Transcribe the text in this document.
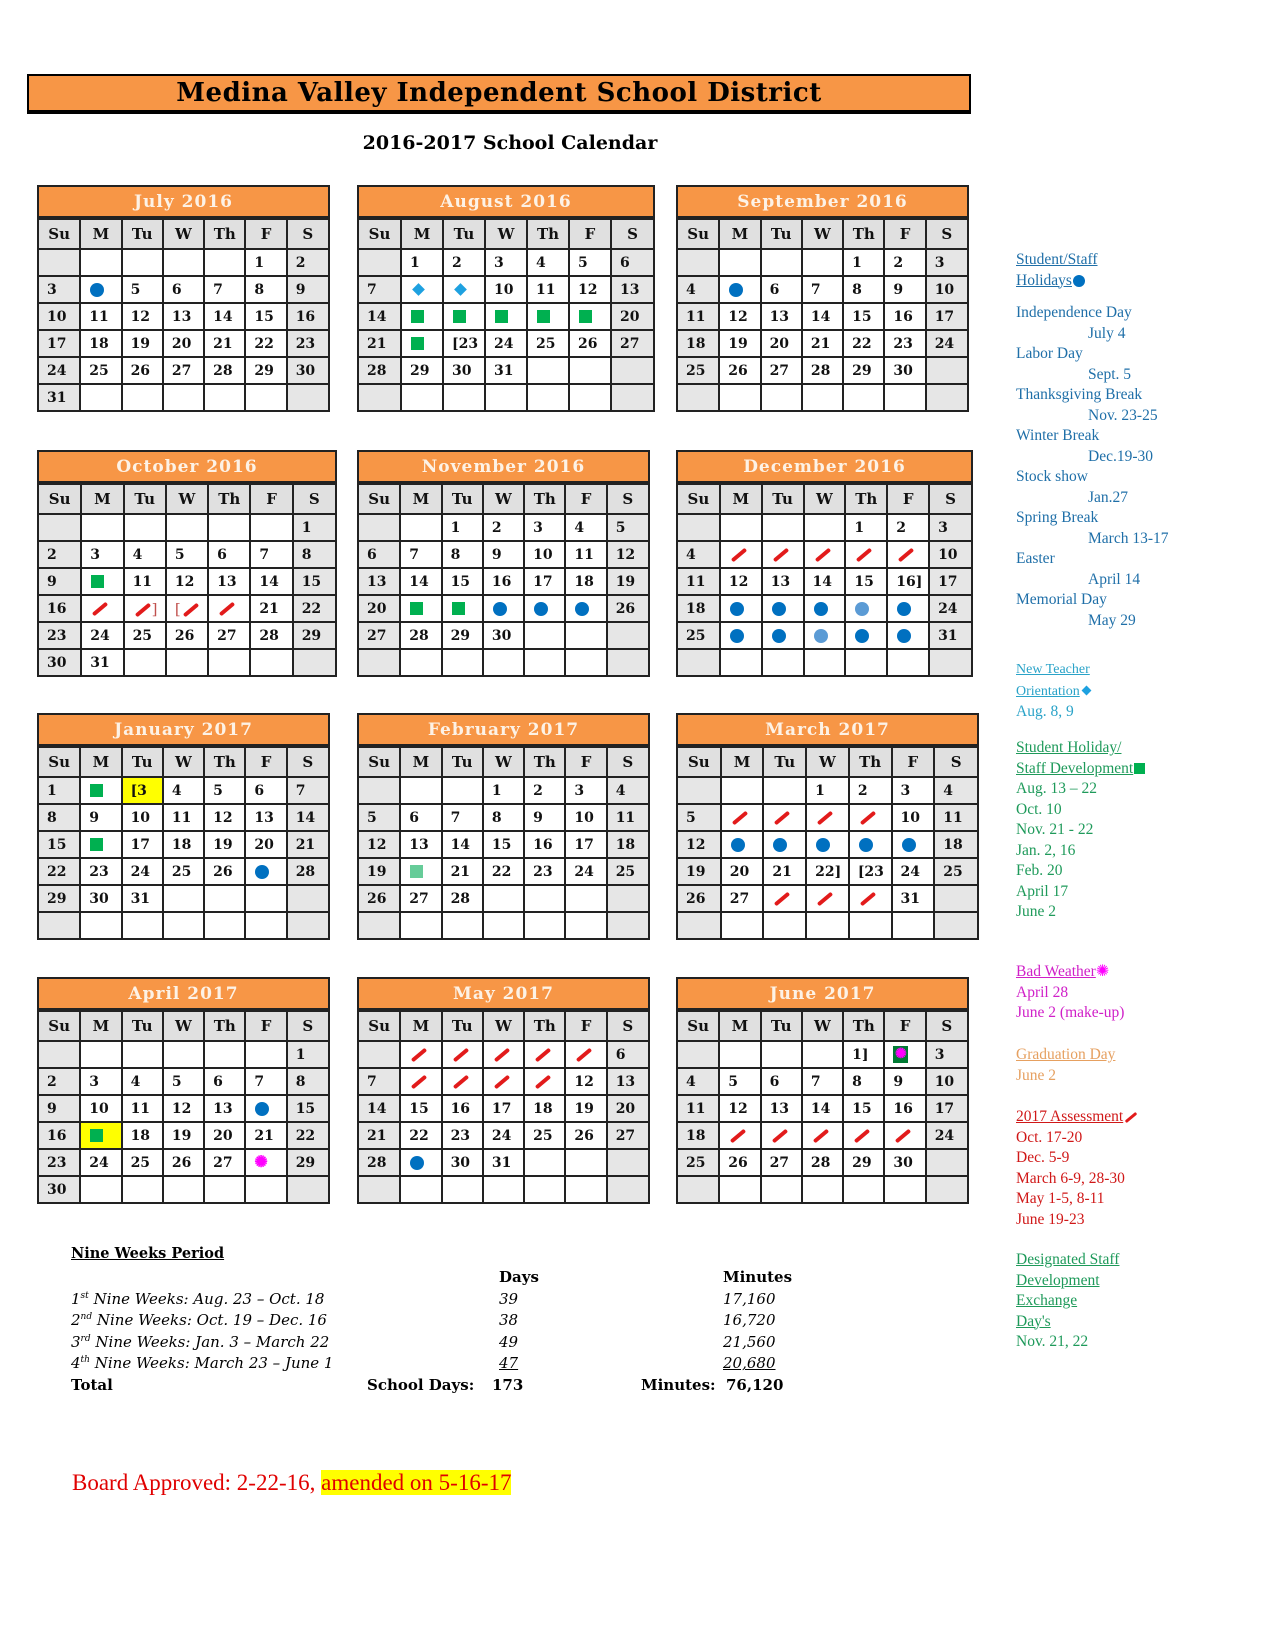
Medina Valley Independent School District
2016-2017 School Calendar
July 2016
Su	M	Tu	W	Th	F	S
					1	2
3		5	6	7	8	9
10	11	12	13	14	15	16
17	18	19	20	21	22	23
24	25	26	27	28	29	30
31						
August 2016
Su	M	Tu	W	Th	F	S
	1	2	3	4	5	6
7			10	11	12	13
14						20
21		[23	24	25	26	27
28	29	30	31			

September 2016
Su	M	Tu	W	Th	F	S
				1	2	3
4		6	7	8	9	10
11	12	13	14	15	16	17
18	19	20	21	22	23	24
25	26	27	28	29	30	

October 2016
Su	M	Tu	W	Th	F	S
						1
2	3	4	5	6	7	8
9		11	12	13	14	15
16		]	[		21	22
23	24	25	26	27	28	29
30	31					
November 2016
Su	M	Tu	W	Th	F	S
		1	2	3	4	5
6	7	8	9	10	11	12
13	14	15	16	17	18	19
20						26
27	28	29	30			

December 2016
Su	M	Tu	W	Th	F	S
				1	2	3
4						10
11	12	13	14	15	16]	17
18						24
25						31

January 2017
Su	M	Tu	W	Th	F	S
1		[3	4	5	6	7
8	9	10	11	12	13	14
15		17	18	19	20	21
22	23	24	25	26		28
29	30	31				

February 2017
Su	M	Tu	W	Th	F	S
			1	2	3	4
5	6	7	8	9	10	11
12	13	14	15	16	17	18
19		21	22	23	24	25
26	27	28				

March 2017
Su	M	Tu	W	Th	F	S
			1	2	3	4
5					10	11
12						18
19	20	21	22]	[23	24	25
26	27				31	

April 2017
Su	M	Tu	W	Th	F	S
						1
2	3	4	5	6	7	8
9	10	11	12	13		15
16		18	19	20	21	22
23	24	25	26	27	✺	29
30						
May 2017
Su	M	Tu	W	Th	F	S
						6
7					12	13
14	15	16	17	18	19	20
21	22	23	24	25	26	27
28		30	31			

June 2017
Su	M	Tu	W	Th	F	S
				1]	✺	3
4	5	6	7	8	9	10
11	12	13	14	15	16	17
18						24
25	26	27	28	29	30	

Student/Staff
Holidays
Independence Day
July 4
Labor Day
Sept. 5
Thanksgiving Break
Nov. 23-25
Winter Break
Dec.19-30
Stock show
Jan.27
Spring Break
March 13-17
Easter
April 14
Memorial Day
May 29
New Teacher
Orientation
Aug. 8, 9
Student Holiday/
Staff Development
Aug. 13 – 22
Oct. 10
Nov. 21 - 22
Jan. 2, 16
Feb. 20
April 17
June 2
Bad Weather✺
April 28
June 2 (make-up)
Graduation Day
June 2
2017 Assessment
Oct. 17-20
Dec. 5-9
March 6-9, 28-30
May 1-5, 8-11
June 19-23
Designated Staff
Development
Exchange
Day's
Nov. 21, 22
Nine Weeks Period
Days	Minutes
1st Nine Weeks: Aug. 23 – Oct. 18	39	17,160
2nd Nine Weeks: Oct. 19 – Dec. 16	38	16,720
3rd Nine Weeks: Jan. 3 – March 22	49	21,560
4th Nine Weeks: March 23 – June 1	47	20,680
Total	School Days: 173	Minutes: 76,120
Board Approved: 2-22-16, amended on 5-16-17
